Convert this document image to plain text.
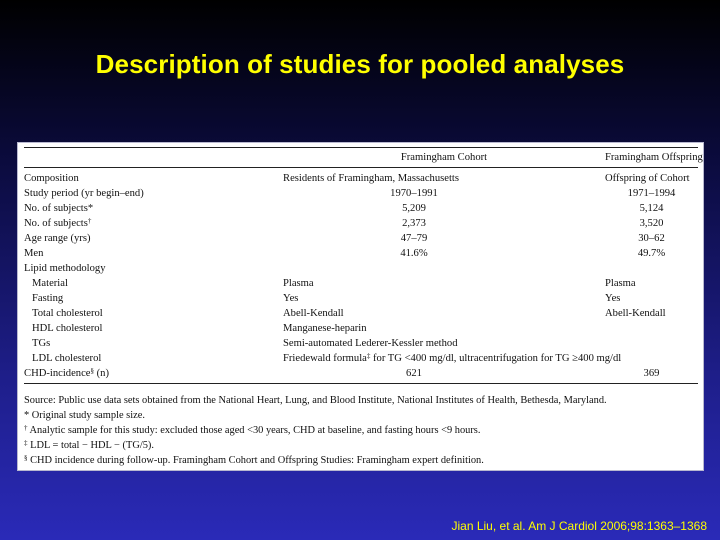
Description of studies for pooled analyses
	Framingham Cohort	Framingham Offspring
Composition	Residents of Framingham, Massachusetts	Offspring of Cohort
Study period (yr begin–end)	1970–1991	1971–1994
No. of subjects*	5,209	5,124
No. of subjects†	2,373	3,520
Age range (yrs)	47–79	30–62
Men	41.6%	49.7%
Lipid methodology		
Material	Plasma	Plasma
Fasting	Yes	Yes
Total cholesterol	Abell-Kendall	Abell-Kendall
HDL cholesterol	Manganese-heparin	
TGs	Semi-automated Lederer-Kessler method	
LDL cholesterol	Friedewald formula‡ for TG <400 mg/dl, ultracentrifugation for TG ≥400 mg/dl	
CHD-incidence§ (n)	621	369
Source: Public use data sets obtained from the National Heart, Lung, and Blood Institute, National Institutes of Health, Bethesda, Maryland.
* Original study sample size.
† Analytic sample for this study: excluded those aged <30 years, CHD at baseline, and fasting hours <9 hours.
‡ LDL = total − HDL − (TG/5).
§ CHD incidence during follow-up. Framingham Cohort and Offspring Studies: Framingham expert definition.
Jian Liu, et al. Am J Cardiol 2006;98:1363–1368
